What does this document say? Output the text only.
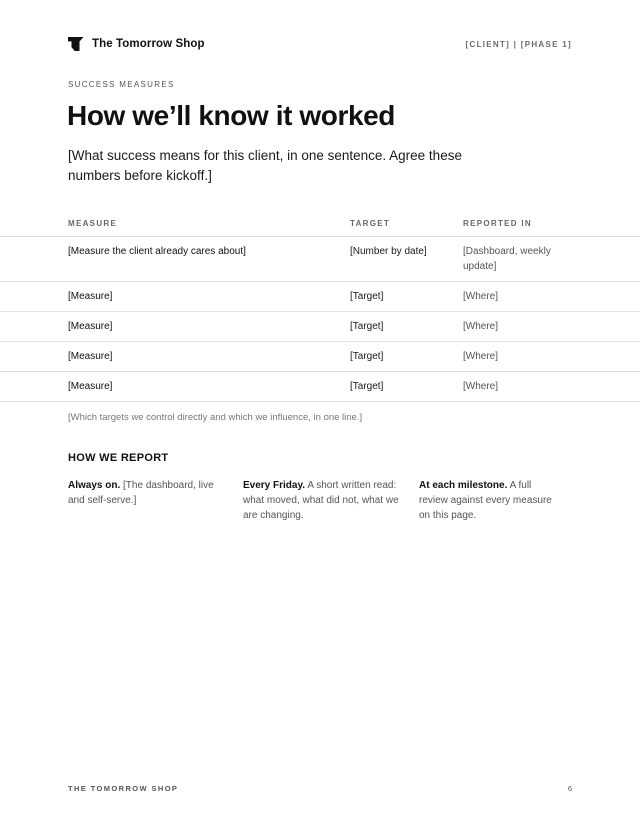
The Tomorrow Shop	[CLIENT] | [PHASE 1]
SUCCESS MEASURES
How we’ll know it worked

[What success means for this client, in one sentence. Agree these numbers before kickoff.]

MEASURE	TARGET	REPORTED IN
[Measure the client already cares about]	[Number by date]	[Dashboard, weekly update]
[Measure]	[Target]	[Where]
[Measure]	[Target]	[Where]
[Measure]	[Target]	[Where]
[Measure]	[Target]	[Where]
[Which targets we control directly and which we influence, in one line.]
HOW WE REPORT
Always on. [The dashboard, live and self-serve.]
Every Friday. A short written read: what moved, what did not, what we are changing.
At each milestone. A full review against every measure on this page.
THE TOMORROW SHOP	6
